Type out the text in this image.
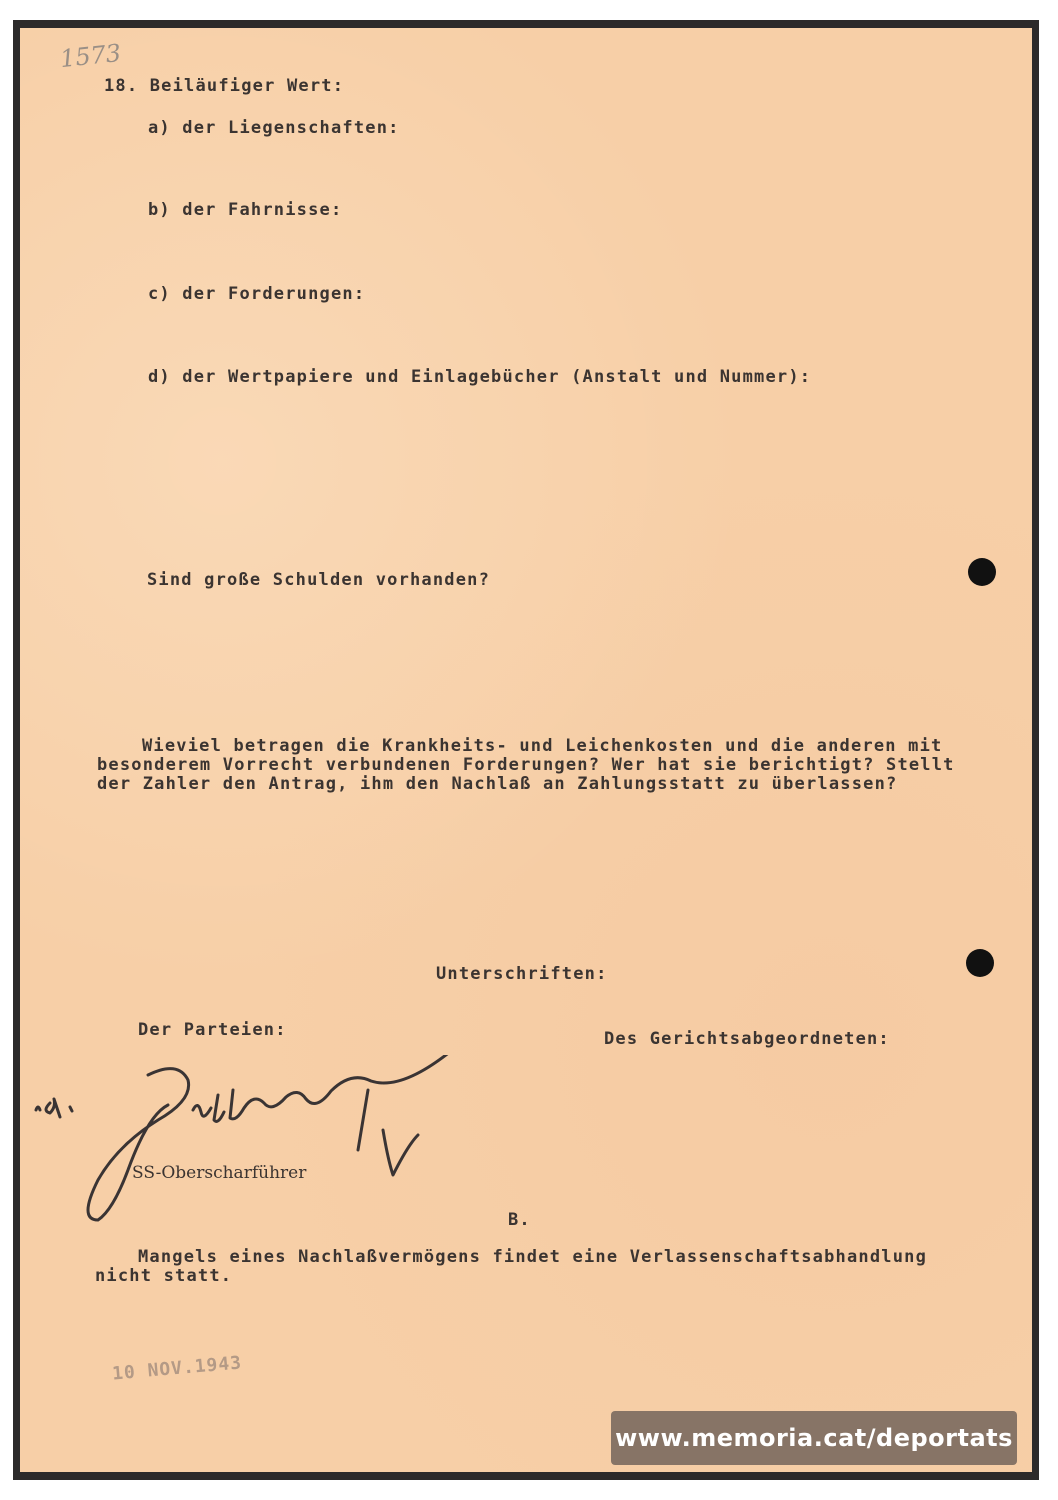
1573
18. Beiläufiger Wert:
a) der Liegenschaften:
b) der Fahrnisse:
c) der Forderungen:
d) der Wertpapiere und Einlagebücher (Anstalt und Nummer):
Sind große Schulden vorhanden?
Wieviel betragen die Krankheits- und Leichenkosten und die anderen mit besonderem Vorrecht verbundenen Forderungen? Wer hat sie berichtigt? Stellt der Zahler den Antrag, ihm den Nachlaß an Zahlungsstatt zu überlassen?
Unterschriften:
Der Parteien:	Des Gerichtsabgeordneten:
SS-Oberscharführer
B.
Mangels eines Nachlaßvermögens findet eine Verlassenschaftsabhandlung nicht statt.
10 NOV.1943
www.memoria.cat/deportats
